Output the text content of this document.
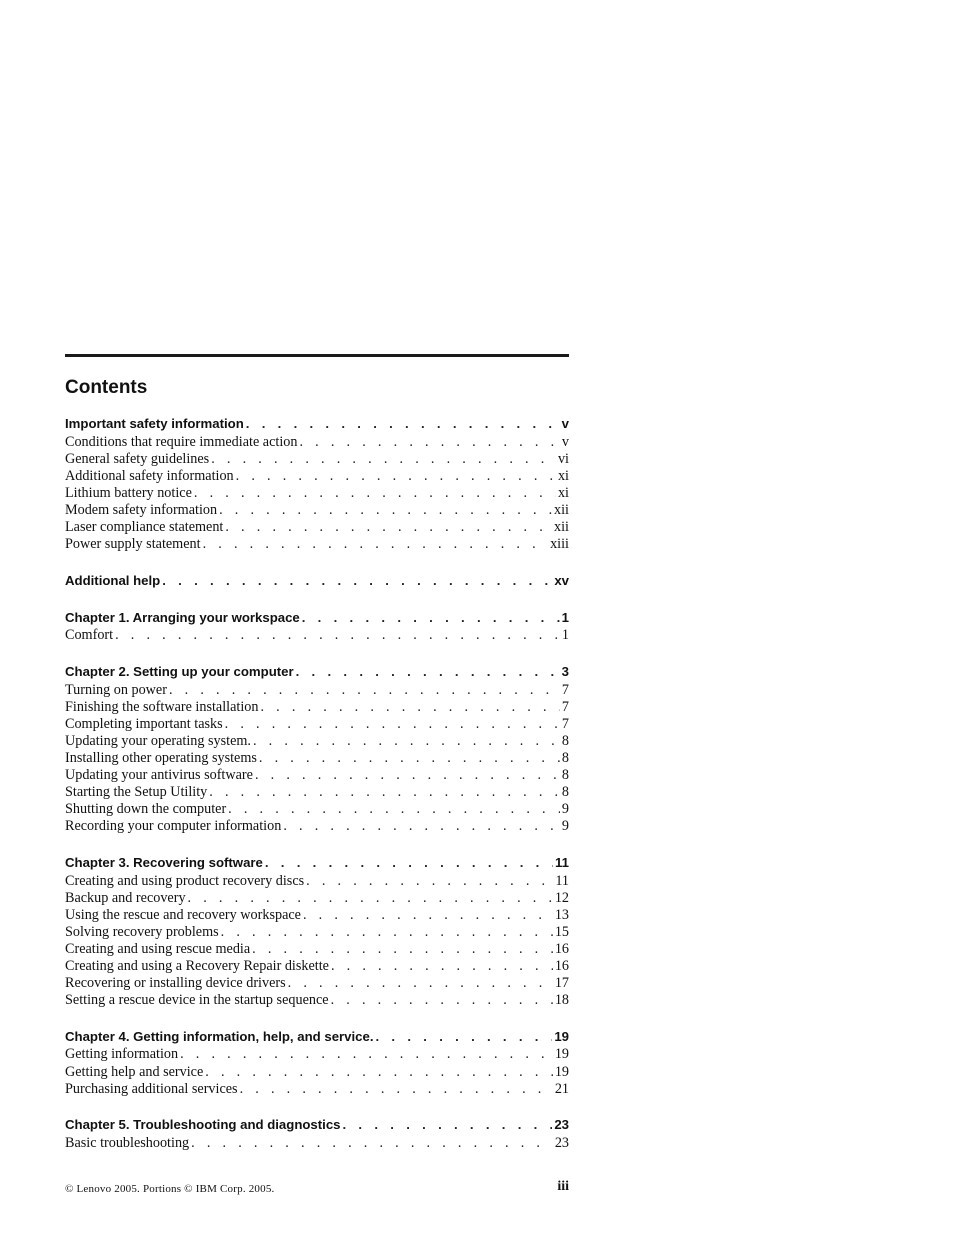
Contents
Important safety information . . .	v
Conditions that require immediate action . . .	v
General safety guidelines . . .	vi
Additional safety information . . .	xi
Lithium battery notice . . .	xi
Modem safety information . . .	xii
Laser compliance statement . . .	xii
Power supply statement . . .	xiii
Additional help . . .	xv
Chapter 1. Arranging your workspace . . .	1
Comfort . . .	1
Chapter 2. Setting up your computer . . .	3
Turning on power . . .	7
Finishing the software installation . . .	7
Completing important tasks . . .	7
Updating your operating system. . . .	8
Installing other operating systems . . .	8
Updating your antivirus software . . .	8
Starting the Setup Utility . . .	8
Shutting down the computer . . .	9
Recording your computer information . . .	9
Chapter 3. Recovering software . . .	11
Creating and using product recovery discs . . .	11
Backup and recovery . . .	12
Using the rescue and recovery workspace . . .	13
Solving recovery problems . . .	15
Creating and using rescue media . . .	16
Creating and using a Recovery Repair diskette . . .	16
Recovering or installing device drivers . . .	17
Setting a rescue device in the startup sequence . . .	18
Chapter 4. Getting information, help, and service. . . .	19
Getting information . . .	19
Getting help and service . . .	19
Purchasing additional services . . .	21
Chapter 5. Troubleshooting and diagnostics . . .	23
Basic troubleshooting . . .	23
© Lenovo 2005. Portions © IBM Corp. 2005.	iii
